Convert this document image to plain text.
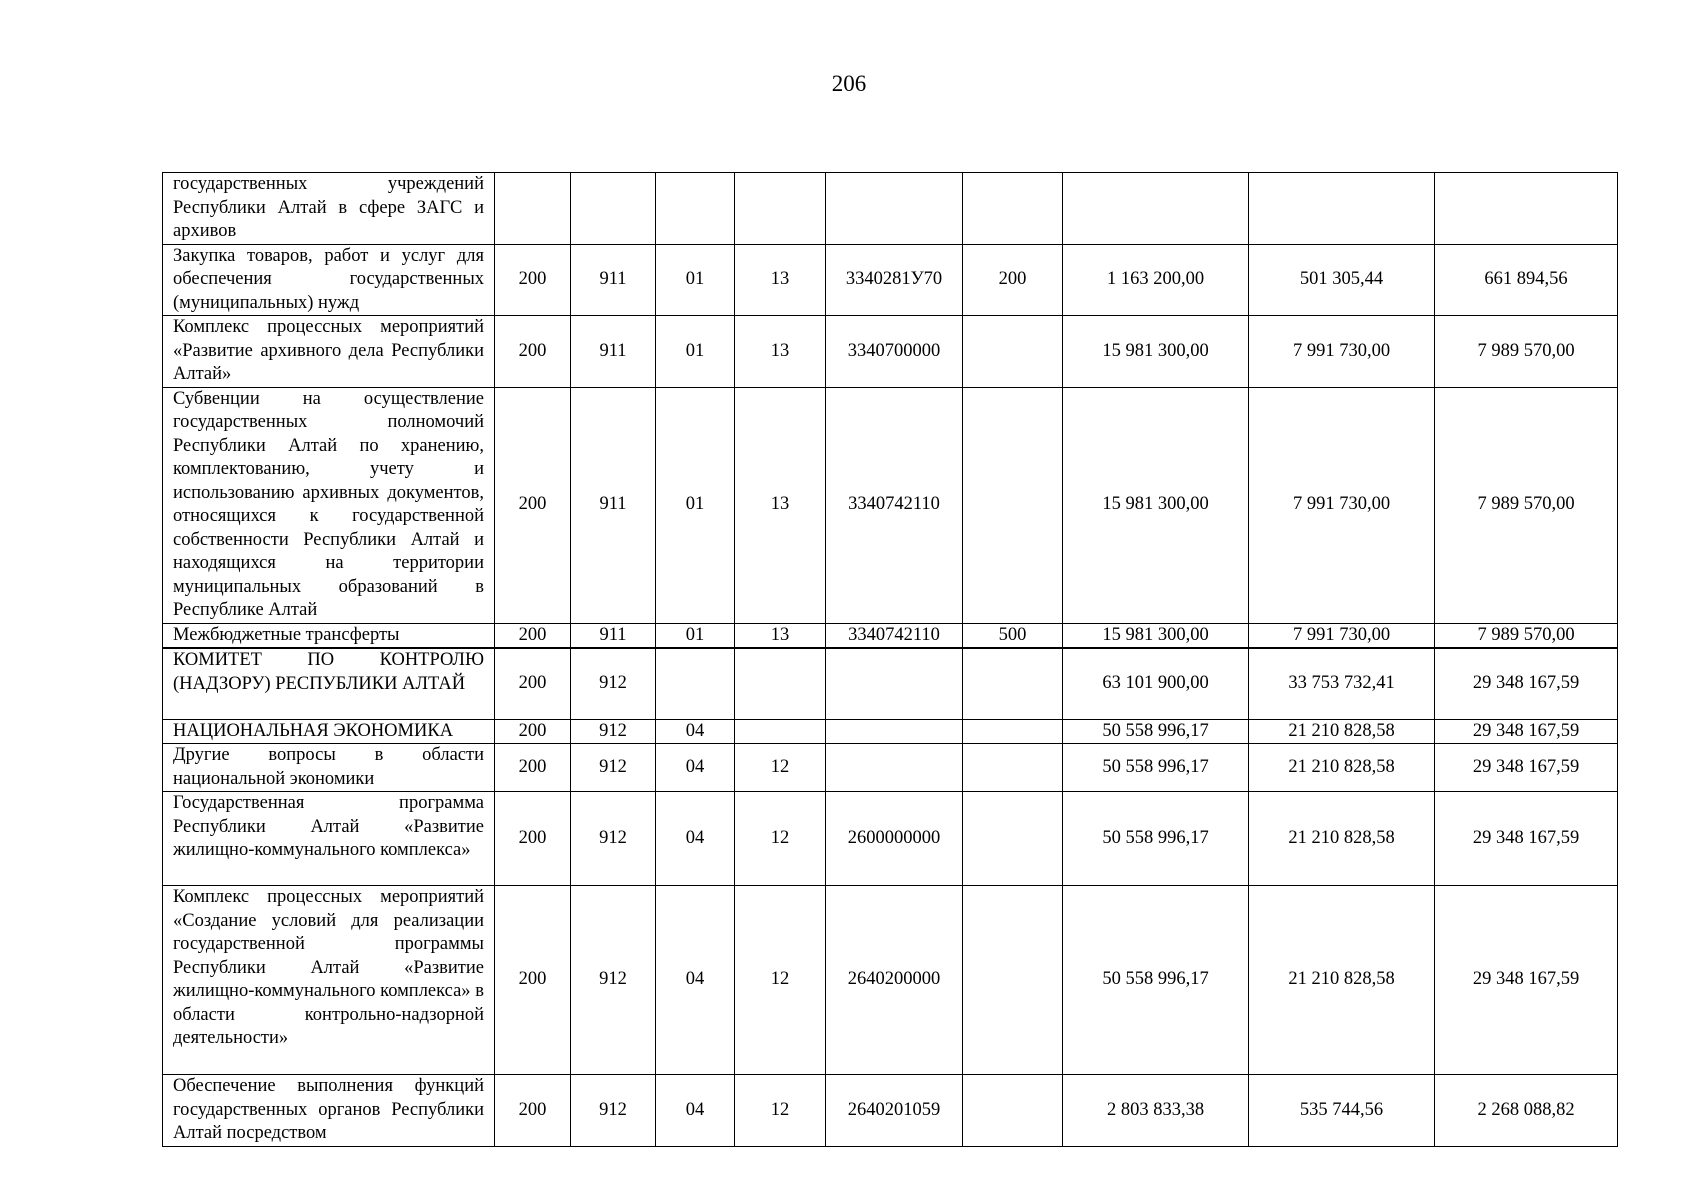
206
государственных учреждений Республики Алтай в сфере ЗАГС и архивов									
Закупка товаров, работ и услуг для обеспечения государственных (муниципальных) нужд	200	911	01	13	3340281У70	200	1 163 200,00	501 305,44	661 894,56
Комплекс процессных мероприятий «Развитие архивного дела Республики Алтай»	200	911	01	13	3340700000		15 981 300,00	7 991 730,00	7 989 570,00
Субвенции на осуществление государственных полномочий Республики Алтай по хранению, комплектованию, учету и использованию архивных документов, относящихся к государственной собственности Республики Алтай и находящихся на территории муниципальных образований в Республике Алтай	200	911	01	13	3340742110		15 981 300,00	7 991 730,00	7 989 570,00
Межбюджетные трансферты	200	911	01	13	3340742110	500	15 981 300,00	7 991 730,00	7 989 570,00
КОМИТЕТ ПО КОНТРОЛЮ (НАДЗОРУ) РЕСПУБЛИКИ АЛТАЙ	200	912					63 101 900,00	33 753 732,41	29 348 167,59
НАЦИОНАЛЬНАЯ ЭКОНОМИКА	200	912	04				50 558 996,17	21 210 828,58	29 348 167,59
Другие вопросы в области национальной экономики	200	912	04	12			50 558 996,17	21 210 828,58	29 348 167,59
Государственная программа Республики Алтай «Развитие жилищно-коммунального комплекса»	200	912	04	12	2600000000		50 558 996,17	21 210 828,58	29 348 167,59
Комплекс процессных мероприятий «Создание условий для реализации государственной программы Республики Алтай «Развитие жилищно-коммунального комплекса» в области контрольно-надзорной деятельности»	200	912	04	12	2640200000		50 558 996,17	21 210 828,58	29 348 167,59
Обеспечение выполнения функций государственных органов Республики Алтай посредством	200	912	04	12	2640201059		2 803 833,38	535 744,56	2 268 088,82
